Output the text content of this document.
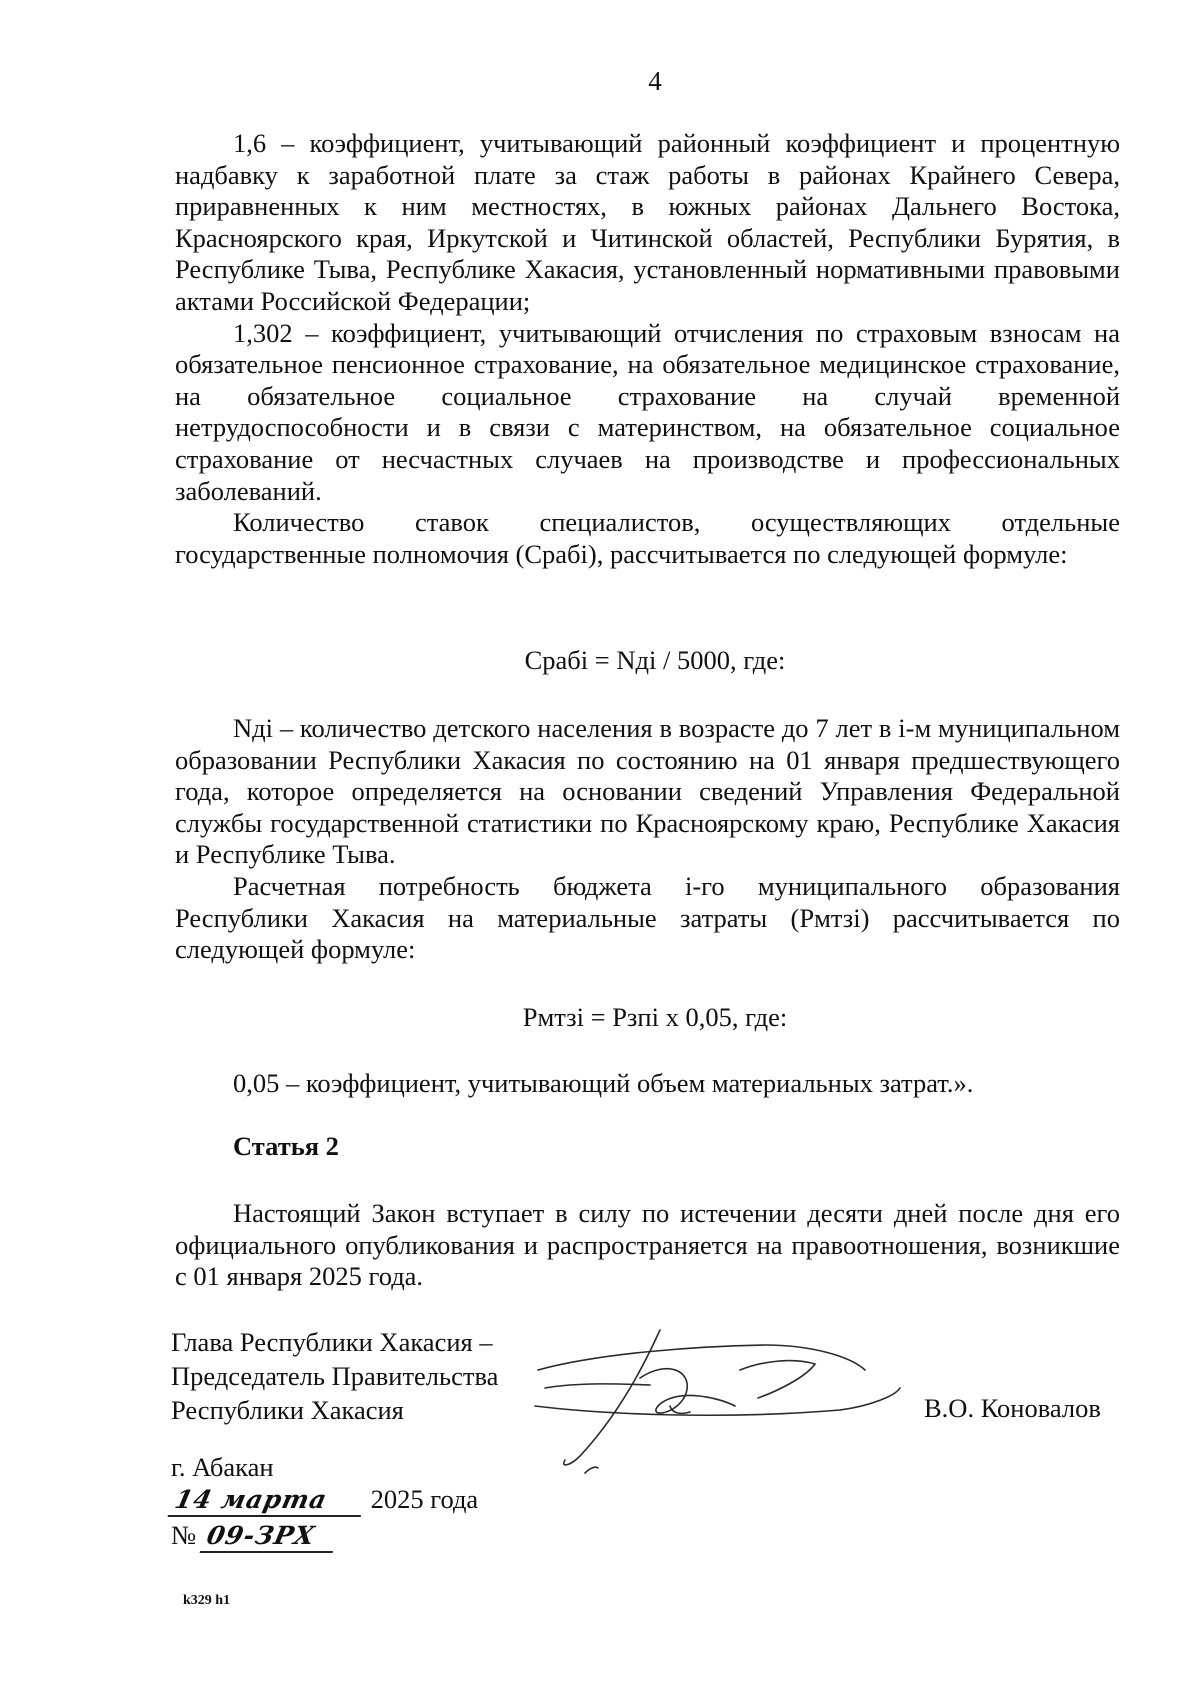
4

1,6 – коэффициент, учитывающий районный коэффициент и процентную надбавку к заработной плате за стаж работы в районах Крайнего Севера, приравненных к ним местностях, в южных районах Дальнего Востока, Красноярского края, Иркутской и Читинской областей, Республики Бурятия, в Республике Тыва, Республике Хакасия, установленный нормативными правовыми актами Российской Федерации;

1,302 – коэффициент, учитывающий отчисления по страховым взносам на обязательное пенсионное страхование, на обязательное медицинское страхование, на обязательное социальное страхование на случай временной нетрудоспособности и в связи с материнством, на обязательное социальное страхование от несчастных случаев на производстве и профессиональных заболеваний.

Количество ставок специалистов, осуществляющих отдельные государственные полномочия (Срабi), рассчитывается по следующей формуле:

Срабi = Nдi / 5000, где:

Nдi – количество детского населения в возрасте до 7 лет в i-м муниципальном образовании Республики Хакасия по состоянию на 01 января предшествующего года, которое определяется на основании сведений Управления Федеральной службы государственной статистики по Красноярскому краю, Республике Хакасия и Республике Тыва.

Расчетная потребность бюджета i-го муниципального образования Республики Хакасия на материальные затраты (Рмтзi) рассчитывается по следующей формуле:

Рмтзi = Рзпi х 0,05, где:
0,05 – коэффициент, учитывающий объем материальных затрат.».
Статья 2

Настоящий Закон вступает в силу по истечении десяти дней после дня его официального опубликования и распространяется на правоотношения, возникшие с 01 января 2025 года.

Глава Республики Хакасия –
Председатель Правительства
Республики Хакасия	В.О. Коновалов
г. Абакан
14 марта 2025 года
№ 09-ЗРХ
k329 h1
